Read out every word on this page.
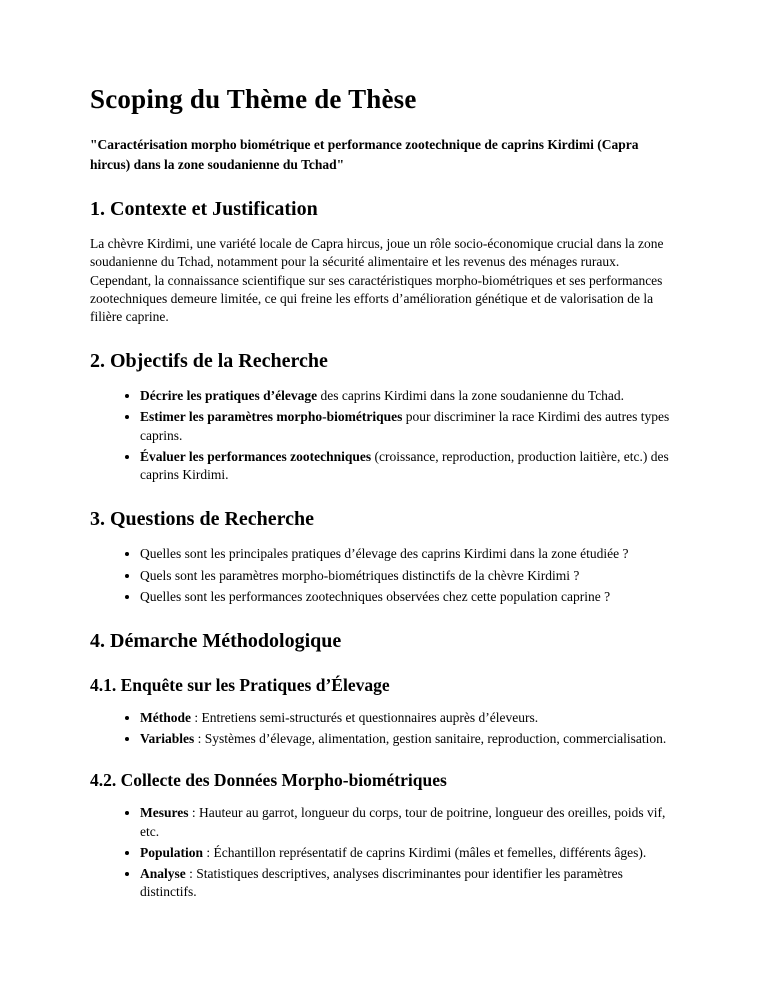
Scoping du Thème de Thèse

"Caractérisation morpho biométrique et performance zootechnique de caprins Kirdimi (Capra hircus) dans la zone soudanienne du Tchad"

1. Contexte et Justification

La chèvre Kirdimi, une variété locale de Capra hircus, joue un rôle socio-économique crucial dans la zone soudanienne du Tchad, notamment pour la sécurité alimentaire et les revenus des ménages ruraux. Cependant, la connaissance scientifique sur ses caractéristiques morpho-biométriques et ses performances zootechniques demeure limitée, ce qui freine les efforts d’amélioration génétique et de valorisation de la filière caprine.

2. Objectifs de la Recherche
• Décrire les pratiques d’élevage des caprins Kirdimi dans la zone soudanienne du Tchad.
• Estimer les paramètres morpho-biométriques pour discriminer la race Kirdimi des autres types caprins.
• Évaluer les performances zootechniques (croissance, reproduction, production laitière, etc.) des caprins Kirdimi.
3. Questions de Recherche
• Quelles sont les principales pratiques d’élevage des caprins Kirdimi dans la zone étudiée ?
• Quels sont les paramètres morpho-biométriques distinctifs de la chèvre Kirdimi ?
• Quelles sont les performances zootechniques observées chez cette population caprine ?
4. Démarche Méthodologique
4.1. Enquête sur les Pratiques d’Élevage
• Méthode : Entretiens semi-structurés et questionnaires auprès d’éleveurs.
• Variables : Systèmes d’élevage, alimentation, gestion sanitaire, reproduction, commercialisation.
4.2. Collecte des Données Morpho-biométriques
• Mesures : Hauteur au garrot, longueur du corps, tour de poitrine, longueur des oreilles, poids vif, etc.
• Population : Échantillon représentatif de caprins Kirdimi (mâles et femelles, différents âges).
• Analyse : Statistiques descriptives, analyses discriminantes pour identifier les paramètres distinctifs.
